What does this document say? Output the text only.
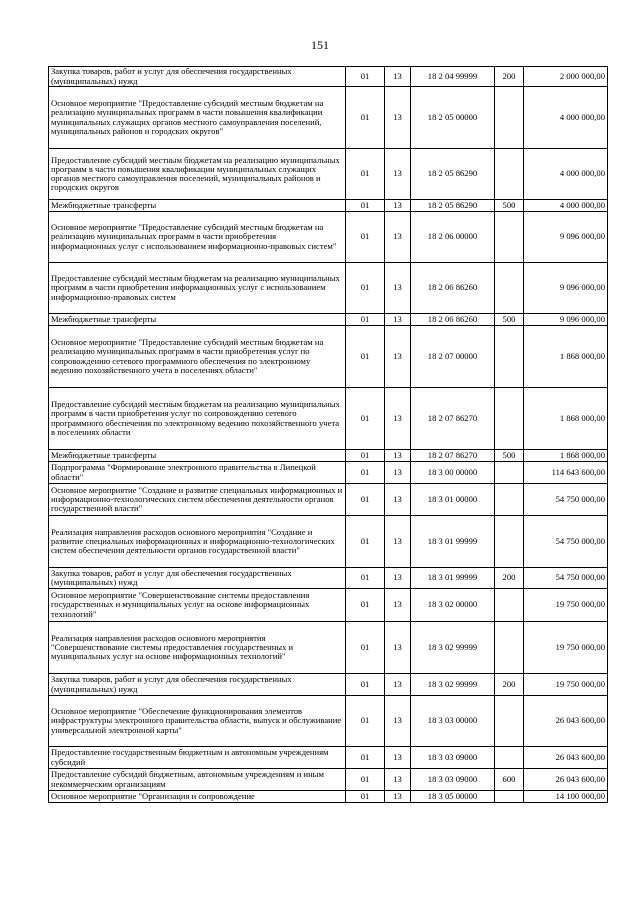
151
Закупка товаров, работ и услуг для обеспечения государственных (муниципальных) нужд	01	13	18 2 04 99999	200	2 000 000,00
Основное мероприятие "Предоставление субсидий местным бюджетам на реализацию муниципальных программ в части повышения квалификации муниципальных служащих органов местного самоуправления поселений, муниципальных районов и городских округов"	01	13	18 2 05 00000		4 000 000,00
Предоставление субсидий местным бюджетам на реализацию муниципальных программ в части повышения квалификации муниципальных служащих органов местного самоуправления поселений, муниципальных районов и городских округов	01	13	18 2 05 86290		4 000 000,00
Межбюджетные трансферты	01	13	18 2 05 86290	500	4 000 000,00
Основное мероприятие "Предоставление субсидий местным бюджетам на реализацию муниципальных программ в части приобретения информационных услуг с использованием информационно-правовых систем"	01	13	18 2 06 00000		9 096 000,00
Предоставление субсидий местным бюджетам на реализацию муниципальных программ в части приобретения информационных услуг с использованием информационно-правовых систем	01	13	18 2 06 86260		9 096 000,00
Межбюджетные трансферты	01	13	18 2 06 86260	500	9 096 000,00
Основное мероприятие "Предоставление субсидий местным бюджетам на реализацию муниципальных программ в части приобретения услуг по сопровождению сетевого программного обеспечения по электронному ведению похозяйственного учета в поселениях области"	01	13	18 2 07 00000		1 868 000,00
Предоставление субсидий местным бюджетам на реализацию муниципальных программ в части приобретения услуг по сопровождению сетевого программного обеспечения по электронному ведению похозяйственного учета в поселениях области	01	13	18 2 07 86270		1 868 000,00
Межбюджетные трансферты	01	13	18 2 07 86270	500	1 868 000,00
Подпрограмма "Формирование электронного правительства в Липецкой области"	01	13	18 3 00 00000		114 643 600,00
Основное мероприятие "Создание и развитие специальных информационных и информационно-технологических систем обеспечения деятельности органов государственной власти"	01	13	18 3 01 00000		54 750 000,00
Реализация направления расходов основного мероприятия "Создание и развитие специальных информационных и информационно-технологических систем обеспечения деятельности органов государственной власти"	01	13	18 3 01 99999		54 750 000,00
Закупка товаров, работ и услуг для обеспечения государственных (муниципальных) нужд	01	13	18 3 01 99999	200	54 750 000,00
Основное мероприятие "Совершенствование системы предоставления государственных и муниципальных услуг на основе информационных технологий"	01	13	18 3 02 00000		19 750 000,00
Реализация направления расходов основного мероприятия "Совершенствование системы предоставления государственных и муниципальных услуг на основе информационных технологий"	01	13	18 3 02 99999		19 750 000,00
Закупка товаров, работ и услуг для обеспечения государственных (муниципальных) нужд	01	13	18 3 02 99999	200	19 750 000,00
Основное мероприятие "Обеспечение функционирования элементов инфраструктуры электронного правительства области, выпуск и обслуживание универсальной электронной карты"	01	13	18 3 03 00000		26 043 600,00
Предоставление государственным бюджетным и автономным учреждениям субсидий	01	13	18 3 03 09000		26 043 600,00
Предоставление субсидий бюджетным, автономным учреждениям и иным некоммерческим организациям	01	13	18 3 03 09000	600	26 043 600,00
Основное мероприятие "Организация и сопровождение	01	13	18 3 05 00000		14 100 000,00
